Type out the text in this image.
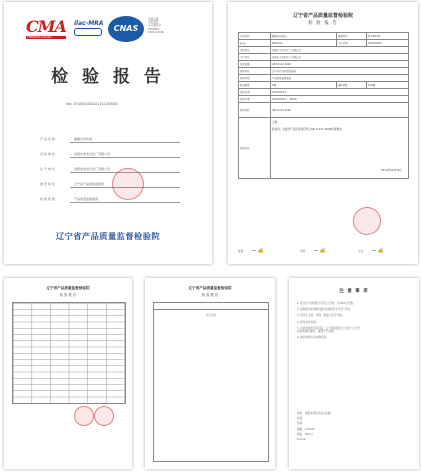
CMA
1986201110101
ilac-MRA
CNAS
中国合格
评定国家
认可委员会
TESTING
CNAS L0190
检 验 报 告
No: 2010D10D10121130020
产 品 名 称	耐磨自动机油
受 检 单 位	沈阳市金龙石化厂有限公司
生 产 单 位	沈阳市金龙石化厂有限公司
委 托 单 位	辽宁省产品质量监督局
检 验 类 别	产品质量监督抽查
辽宁省产品质量监督检验院
辽宁省产品质量监督检验院
检 验 报 告
产品名称	耐磨自动机油	规格型号	SJ 15W-40
商 标	Rhelmeo	生产日期	2010/09/22
受检单位	沈阳市金龙石化厂有限公司		
生产单位	沈阳市金龙石化厂有限公司		
检验依据	GB 11121-2006		
委托单位	辽宁省产品质量监督局		
检验类别	产品质量监督抽查		
样品数量	2桶	抽样基数	100桶
送样日期	2010/09/24		
检验日期	2010/09/24 — 09/30		
检验项目	GB 11121-2006		
检验结论	合格
经检验，该批次产品所检项目符合GB 11121-2006标准要求。
2010年09月30日		
批准 ~ ✍	审核 ~ ✍	主检 ~ ✍
辽宁省产品质量监督检验院
检 验 报 告
辽宁省产品质量监督检验院
检 验 报 告
以下空白
注 意 事 项
1. 报告无“检验报告专用章”无效，无CMA章无效。
2. 复制报告未重新加盖“检验报告专用章”无效。
3. 报告无主检、审核、批准人签字无效。
4. 报告涂改无效。
5. 对检验报告若有异议，应于收到报告之日起十五日内
向检验单位提出，逾期不予受理。
6. 委托检验仅对来样负责。
地址：沈阳市皇姑区崇山东路
电话：
传真：
邮编：110032
网址：http://
E-mail：
